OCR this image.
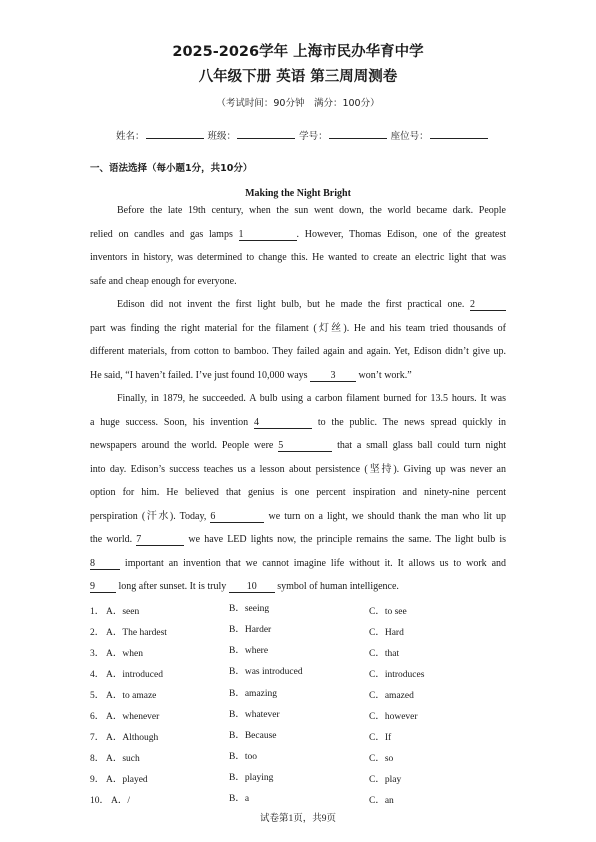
2025-2026学年 上海市民办华育中学
八年级下册 英语 第三周周测卷
（考试时间：90分钟　满分：100分）
姓名：	班级：	学号：	座位号：
一、语法选择（每小题1分，共10分）
Making the Night Bright
Before the late 19th century, when the sun went down, the world became dark. People
relied on candles and gas lamps 1	. However, Thomas Edison, one of the greatest
inventors in history, was determined to change this. He wanted to create an electric light that was
safe and cheap enough for everyone.
Edison did not invent the first light bulb, but he made the first practical one. 2
part was finding the right material for the filament (灯丝). He and his team tried thousands of
different materials, from cotton to bamboo. They failed again and again. Yet, Edison didn’t give up.
He said, “I haven’t failed. I’ve just found 10,000 ways 3 won’t work.”
Finally, in 1879, he succeeded. A bulb using a carbon filament burned for 13.5 hours. It was
a huge success. Soon, his invention 4	to the public. The news spread quickly in
newspapers around the world. People were 5	that a small glass ball could turn night
into day. Edison’s success teaches us a lesson about persistence (坚持). Giving up was never an
option for him. He believed that genius is one percent inspiration and ninety-nine percent
perspiration (汗水). Today, 6	we turn on a light, we should thank the man who lit up
the world. 7	we have LED lights now, the principle remains the same. The light bulb is
8	important an invention that we cannot imagine life without it. It allows us to work and
9 long after sunset. It is truly 10 symbol of human intelligence.
1． A．seen	B．seeing	C．to see
2． A．The hardest	B．Harder	C．Hard
3． A．when	B．where	C．that
4． A．introduced	B．was introduced	C．introduces
5． A．to amaze	B．amazing	C．amazed
6． A．whenever	B．whatever	C．however
7． A．Although	B．Because	C．If
8． A．such	B．too	C．so
9． A．played	B．playing	C．play
10． A．/	B．a	C．an
试卷第1页，共9页
